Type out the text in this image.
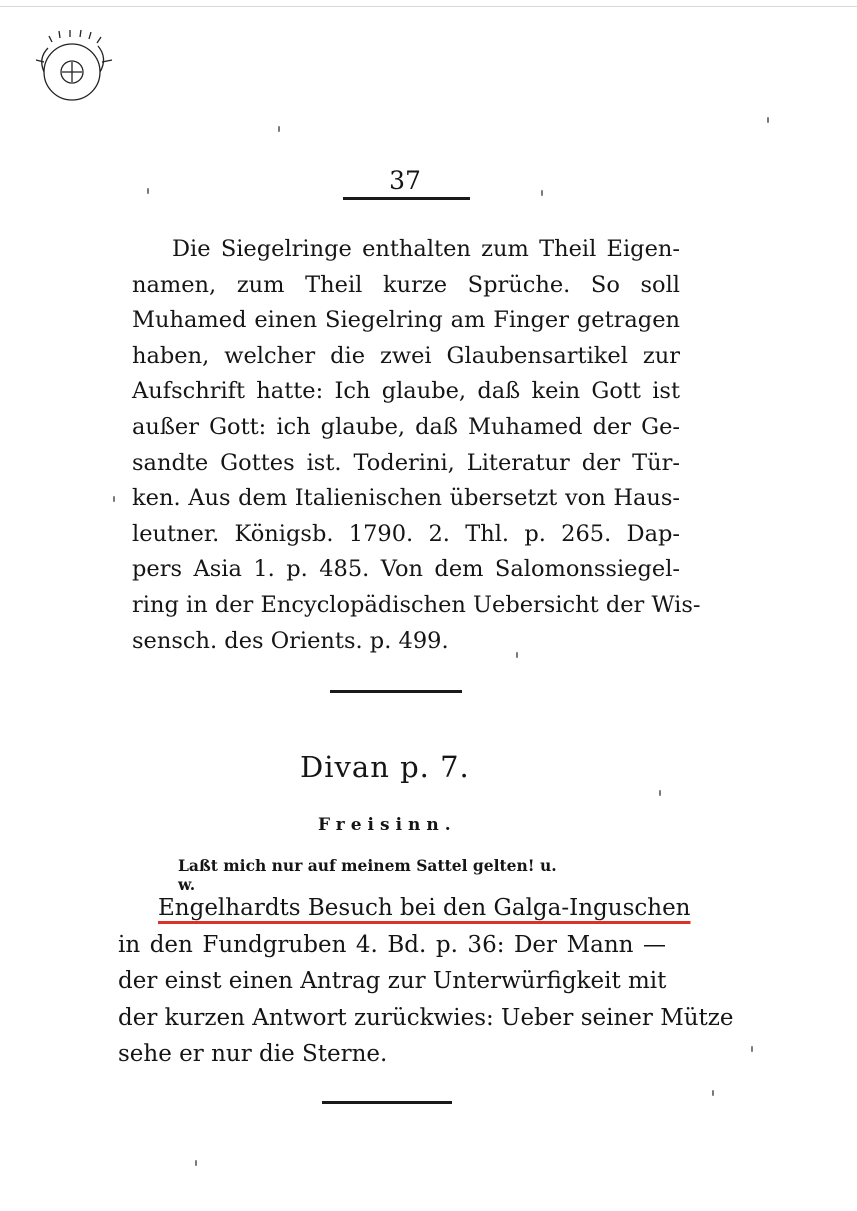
37
Die Siegelringe enthalten zum Theil Eigen-
namen, zum Theil kurze Sprüche. So soll
Muhamed einen Siegelring am Finger getragen
haben, welcher die zwei Glaubensartikel zur
Aufschrift hatte: Ich glaube, daß kein Gott ist
außer Gott: ich glaube, daß Muhamed der Ge-
sandte Gottes ist. Toderini, Literatur der Tür-
ken. Aus dem Italienischen übersetzt von Haus-
leutner. Königsb. 1790. 2. Thl. p. 265. Dap-
pers Asia 1. p. 485. Von dem Salomonssiegel-
ring in der Encyclopädischen Uebersicht der Wis-
sensch. des Orients. p. 499.
Divan p. 7.
Freisinn.
Laßt mich nur auf meinem Sattel gelten! u. w.
Engelhardts Besuch bei den Galga-Inguschen
in den Fundgruben 4. Bd. p. 36: Der Mann —
der einst einen Antrag zur Unterwürfigkeit mit
der kurzen Antwort zurückwies: Ueber seiner Mütze
sehe er nur die Sterne.
